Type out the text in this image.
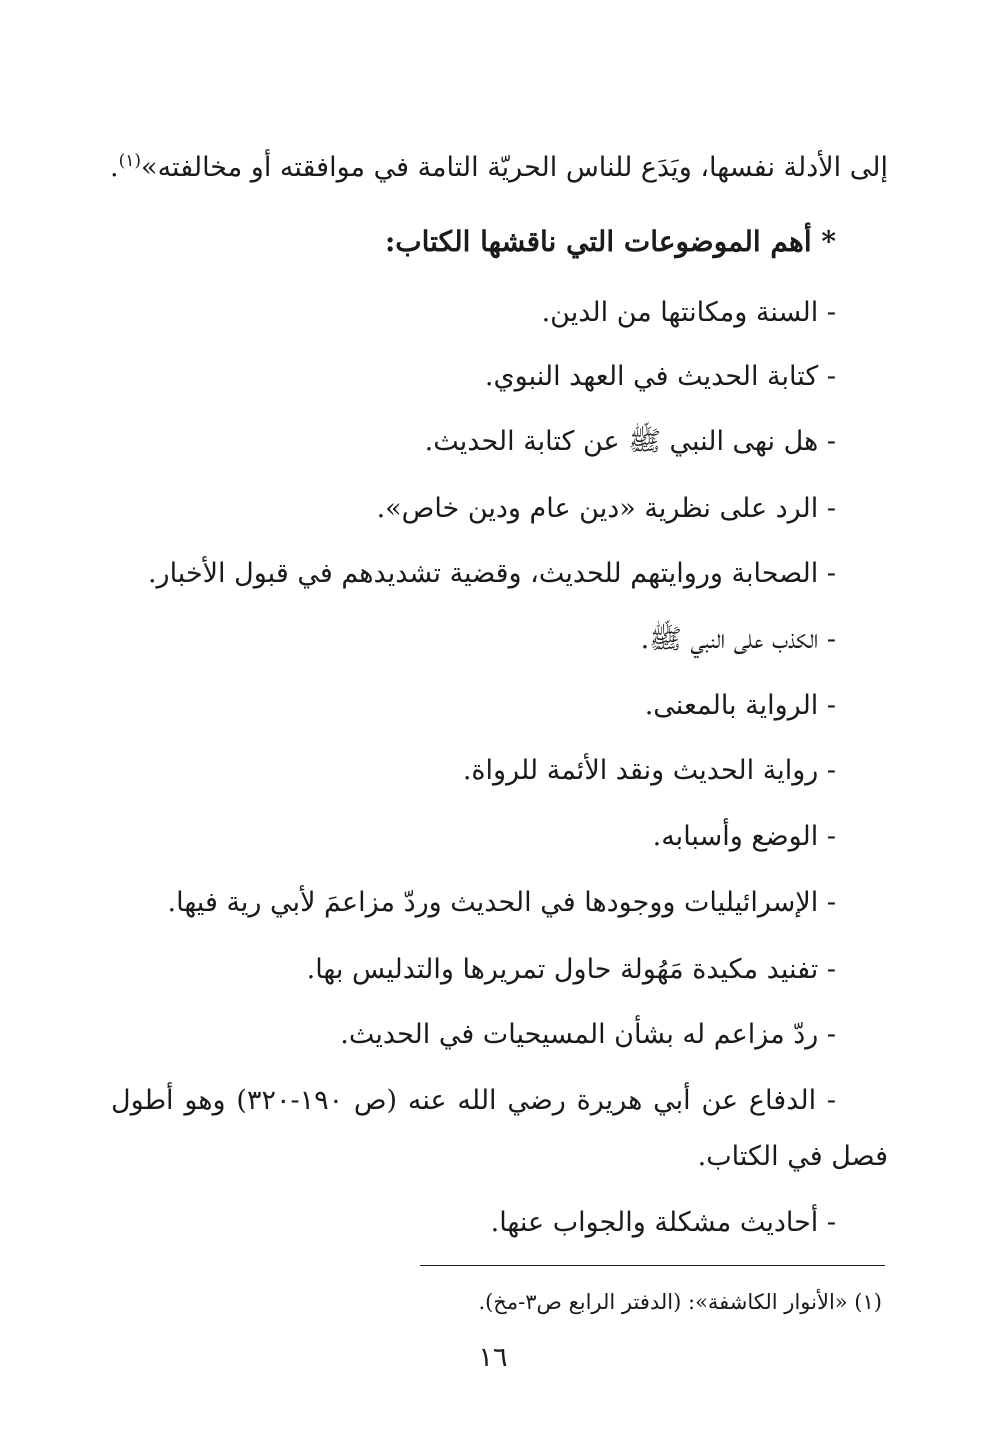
إلى الأدلة نفسها، ويَدَع للناس الحريّة التامة في موافقته أو مخالفته»$^{(١)}$.
* أهم الموضوعات التي ناقشها الكتاب:
- السنة ومكانتها من الدين.
- كتابة الحديث في العهد النبوي.
- هل نهى النبي ﷺ عن كتابة الحديث.
- الرد على نظرية «دين عام ودين خاص».
- الصحابة وروايتهم للحديث، وقضية تشديدهم في قبول الأخبار.
- الكذب على النبي ﷺ.
- الرواية بالمعنى.
- رواية الحديث ونقد الأئمة للرواة.
- الوضع وأسبابه.
- الإسرائيليات ووجودها في الحديث وردّ مزاعمَ لأبي رية فيها.
- تفنيد مكيدة مَهُولة حاول تمريرها والتدليس بها.
- ردّ مزاعم له بشأن المسيحيات في الحديث.
- الدفاع عن أبي هريرة رضي الله عنه (ص ١٩٠-٣٢٠) وهو أطول
فصل في الكتاب.
- أحاديث مشكلة والجواب عنها.
(١) «الأنوار الكاشفة»: (الدفتر الرابع ص٣-مخ).
١٦
